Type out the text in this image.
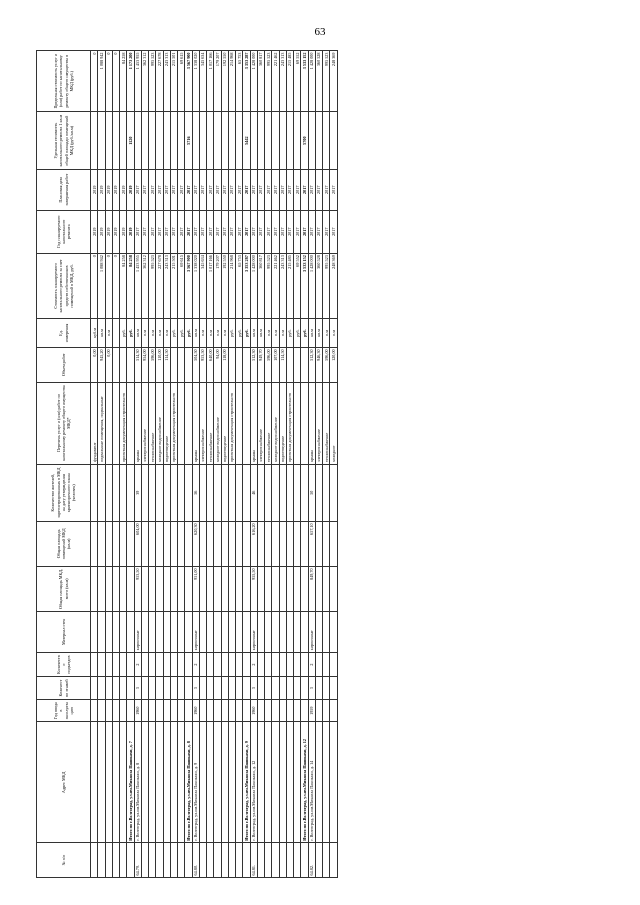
63
№ п/п	Адрес МКД	Год ввода в эксплуатацию	Количество этажей	Количество подъездов	Материал стен	Общая площадь МКД, всего (кв.м)	Общая площадь помещений МКД (кв.м)	Количество жителей, зарегистрированных в МКД на дату утверждения краткосрочного плана (человек)	Перечень услуг и (или) работ по капитальному ремонту общего имущества МКД*	Объем работ	Ед. измерения	Стоимость планируемого капитального ремонта за счет средств собственников помещений в МКД, руб.	Год планируемого капитального ремонта	Плановая дата завершения работ	Удельная стоимость капитального ремонта 1 кв.м общей площади помещений МКД (руб./кв.м)	Предельная стоимость услуг и (или) работ по капитальному ремонту общего имущества в МКД (руб.)
									фундамент	0,00	куб.м	0	2019	2019		0
									подвальные помещения, подвальные	945,20	кв.м	1 088 942	2019	2019		1 088 942
										0,00	п.м	0	2019	2019		0
												0	2019	2019		0
									проектная документация строительств		руб.	84 258	2019	2019		84 258
	Итого по г.Волгоград, ул.им.Михаила Паникахи, д. 7										руб.	84 258	2019	2019	1120	1 173 200
64.79.	г. Волгоград, ул.им.Михаила Паникахи, д. 8	1960	3	2	кирпичные	953,50	604,00	39	крыша	514,30	кв.м	1 453 955	2017	2017		1 453 955
									электроснабжение	954,00	п.м	362 312	2017	2017		362 312
									теплоснабжение	596,00	п.м	995 523	2017	2017		995 523
									холодное водоснабжение	110,00	п.м	227 678	2017	2017		227 678
									водоотведение	114,50	п.м	243 313	2017	2017		243 313
									проектная документация строительств		руб.	215 501	2017	2017		215 501
											руб.	69 615	2017	2017		69 615
	Итого по г.Волгоград, ул.им.Михаила Паникахи, д. 8										руб.	3 567 900	2017	2017	5716	3 567 900
64.80.	г. Волгоград, ул.им.Михаила Паникахи, д. 9	1960	3	2	кирпичные	951,00	620,30	56	крыша	504,50	кв.м	1 338 020	2017	2017		1 338 020
									электроснабжение	953,50	п.м	345 634	2017	2017		345 634
									теплоснабжение	640,00	п.м	1 017 166	2017	2017		1 017 166
									холодное водоснабжение	94,00	п.м	179 207	2017	2017		179 207
									водоотведение	118,00	п.м	192 550	2017	2017		192 550
									проектная документация строительств		руб.	214 968	2017	2017		214 968
											руб.	65 753	2017	2017		65 753
	Итого по г.Волгоград, ул.им.Михаила Паникахи, д. 9										руб.	3 353 287	2017	2017	5442	3 353 287
64.81.	г. Волгоград, ул.им.Михаила Паникахи, д. 12	1960	3	2	кирпичные	955,50	616,20	46	крыша	512,30	кв.м	1 428 000	2017	2017		1 428 000
									электроснабжение	949,70	кв.м	360 817	2017	2017		360 817
									теплоснабжение	596,00	п.м	995 523	2017	2017		995 523
									холодное водоснабжение	107,00	п.м	221 462	2017	2017		221 462
									водоотведение	114,50	п.м	243 313	2017	2017		243 313
									проектная документация строительств		руб.	215 485	2017	2017		215 485
											руб.	69 552	2017	2017		69 552
	Итого по г.Волгоград, ул.им.Михаила Паникахи, д. 12										руб.	3 533 152	2017	2017	5700	3 533 152
64.82.	г. Волгоград, ул.им.Михаила Паникахи, д. 14	1959	3	2	кирпичные	849,70	657,10	50	крыша	512,30	кв.м	1 428 000	2017	2017		1 428 000
									электроснабжение	946,30	кв.м	360 528	2017	2017		360 528
									теплоснабжение	596,00	п.м	995 523	2017	2017		995 523
									холодное	120,00	п.м	248 369	2017	2017		248 369
